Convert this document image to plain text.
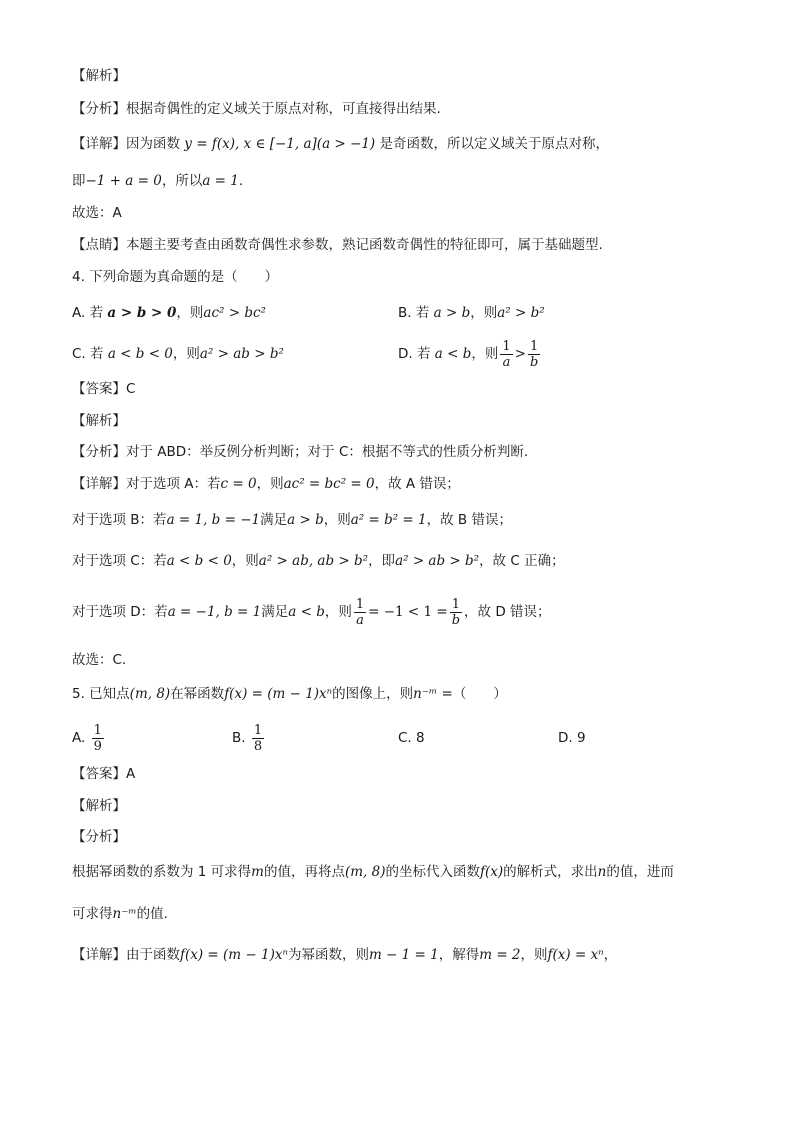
【解析】
【分析】根据奇偶性的定义域关于原点对称，可直接得出结果.
【详解】因为函数 y = f(x), x ∈ [−1, a](a > −1) 是奇函数，所以定义域关于原点对称，
即−1 + a = 0，所以a = 1.
故选：A
【点睛】本题主要考查由函数奇偶性求参数，熟记函数奇偶性的特征即可，属于基础题型.
4. 下列命题为真命题的是（　　）
A. 若 a > b > 0，则ac² > bc²	B. 若 a > b，则a² > b²
C. 若 a < b < 0，则a² > ab > b²	D. 若 a < b，则 $\frac{1}{a} > \frac{1}{b}$
【答案】C
【解析】
【分析】对于 ABD：举反例分析判断；对于 C：根据不等式的性质分析判断.
【详解】对于选项 A：若c = 0，则ac² = bc² = 0，故 A 错误；
对于选项 B：若a = 1, b = −1满足a > b，则a² = b² = 1，故 B 错误；
对于选项 C：若a < b < 0，则a² > ab, ab > b²，即a² > ab > b²，故 C 正确；
对于选项 D：若a = −1, b = 1满足a < b，则 $\frac{1}{a} = -1 < 1 = \frac{1}{b}$ ，故 D 错误；
故选：C.
5. 已知点(m, 8)在幂函数f(x) = (m − 1)xⁿ的图像上，则n⁻ᵐ =（　　）
A. $\frac{1}{9}$	B. $\frac{1}{8}$	C. 8	D. 9
【答案】A
【解析】
【分析】
根据幂函数的系数为 1 可求得m的值，再将点(m, 8)的坐标代入函数f(x)的解析式，求出n的值，进而
可求得n⁻ᵐ的值.
【详解】由于函数f(x) = (m − 1)xⁿ为幂函数，则m − 1 = 1，解得m = 2，则f(x) = xⁿ，
